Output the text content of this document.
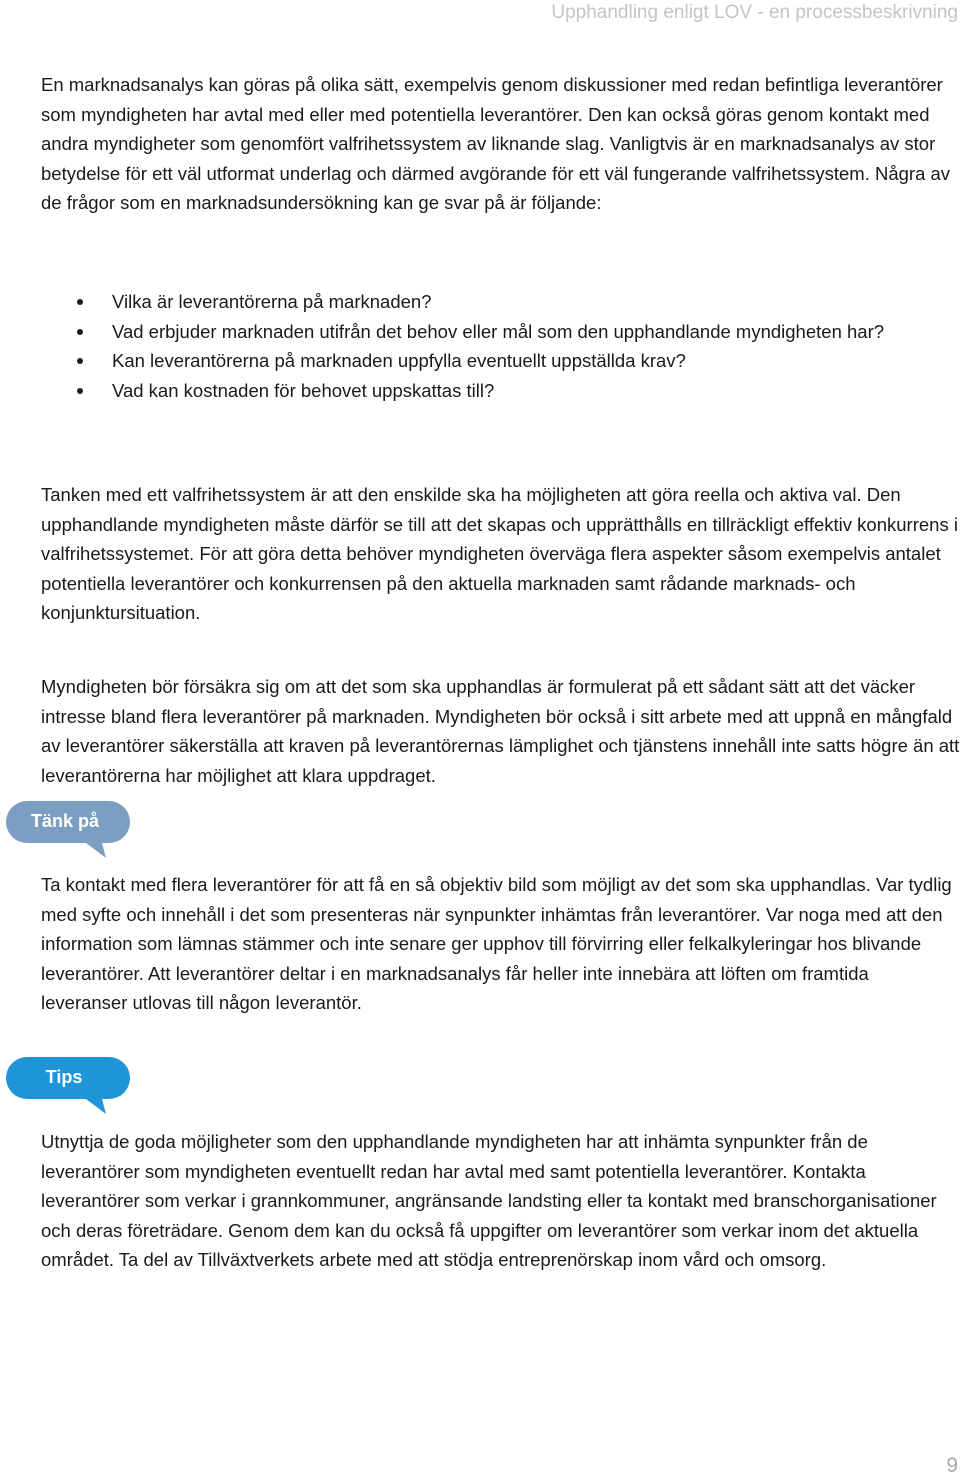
Upphandling enligt LOV - en processbeskrivning

En marknadsanalys kan göras på olika sätt, exempelvis genom diskussioner med redan befintliga leverantörer som myndigheten har avtal med eller med potentiella leverantörer. Den kan också göras genom kontakt med andra myndigheter som genomfört valfrihetssystem av liknande slag. Vanligtvis är en marknadsanalys av stor betydelse för ett väl utformat underlag och därmed avgörande för ett väl fungerande valfrihetssystem. Några av de frågor som en marknadsundersökning kan ge svar på är följande:

Vilka är leverantörerna på marknaden?
Vad erbjuder marknaden utifrån det behov eller mål som den upphandlande myndigheten har?
Kan leverantörerna på marknaden uppfylla eventuellt uppställda krav?
Vad kan kostnaden för behovet uppskattas till?

Tanken med ett valfrihetssystem är att den enskilde ska ha möjligheten att göra reella och aktiva val. Den upphandlande myndigheten måste därför se till att det skapas och upprätthålls en tillräckligt effektiv konkurrens i valfrihetssystemet. För att göra detta behöver myndigheten överväga flera aspekter såsom exempelvis antalet potentiella leverantörer och konkurrensen på den aktuella marknaden samt rådande marknads- och konjunktursituation.

Myndigheten bör försäkra sig om att det som ska upphandlas är formulerat på ett sådant sätt att det väcker intresse bland flera leverantörer på marknaden. Myndigheten bör också i sitt arbete med att uppnå en mångfald av leverantörer säkerställa att kraven på leverantörernas lämplighet och tjänstens innehåll inte satts högre än att leverantörerna har möjlighet att klara uppdraget.

Tänk på

Ta kontakt med flera leverantörer för att få en så objektiv bild som möjligt av det som ska upphandlas. Var tydlig med syfte och innehåll i det som presenteras när synpunkter inhämtas från leverantörer. Var noga med att den information som lämnas stämmer och inte senare ger upphov till förvirring eller felkalkyleringar hos blivande leverantörer. Att leverantörer deltar i en marknadsanalys får heller inte innebära att löften om framtida leveranser utlovas till någon leverantör.

Tips

Utnyttja de goda möjligheter som den upphandlande myndigheten har att inhämta synpunkter från de leverantörer som myndigheten eventuellt redan har avtal med samt potentiella leverantörer. Kontakta leverantörer som verkar i grannkommuner, angränsande landsting eller ta kontakt med branschorganisationer och deras företrädare. Genom dem kan du också få uppgifter om leverantörer som verkar inom det aktuella området. Ta del av Tillväxtverkets arbete med att stödja entreprenörskap inom vård och omsorg.

9
